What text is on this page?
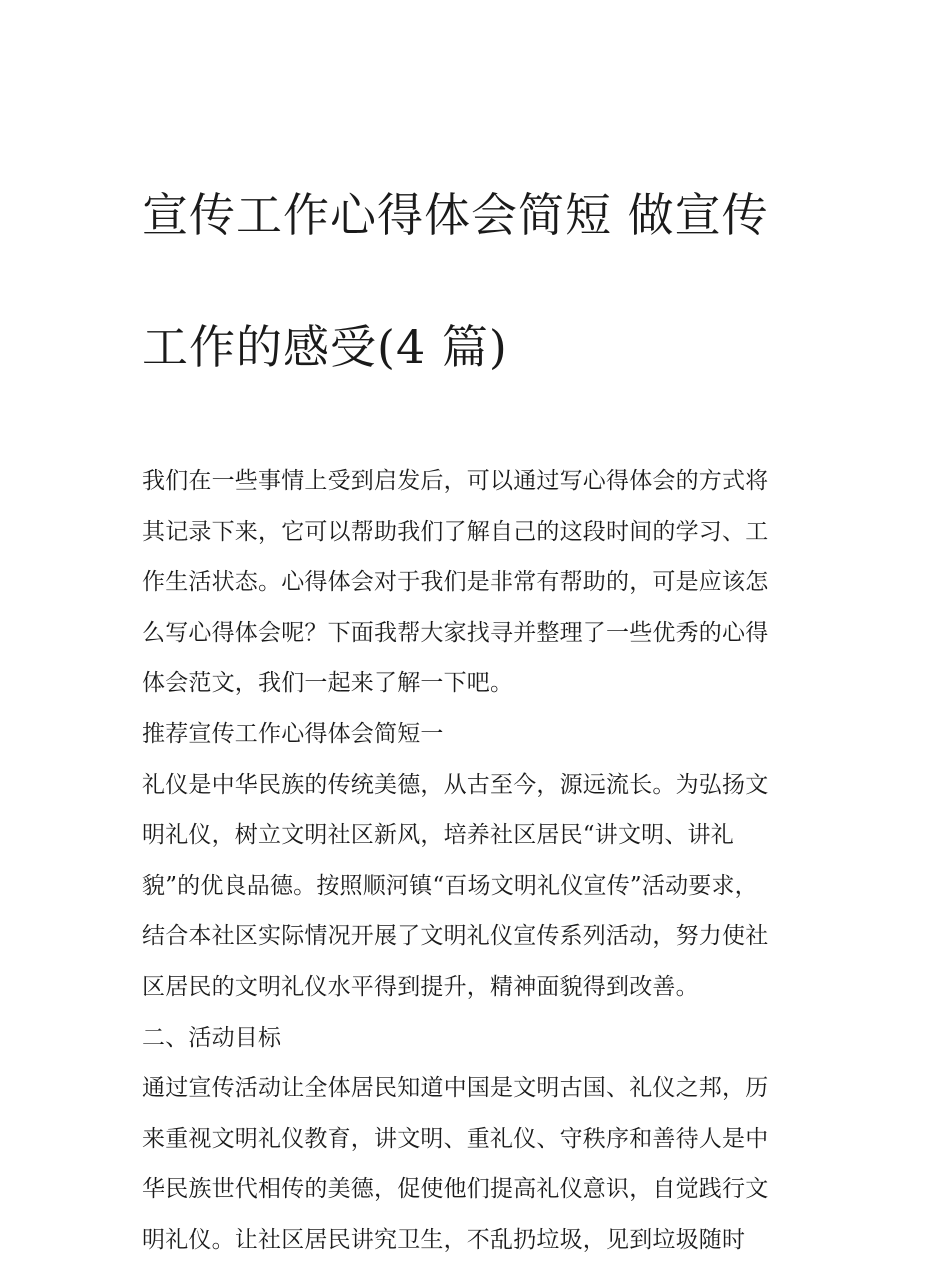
宣传工作心得体会简短 做宣传

工作的感受(4 篇)

我们在一些事情上受到启发后，可以通过写心得体会的方式将
其记录下来，它可以帮助我们了解自己的这段时间的学习、工
作生活状态。心得体会对于我们是非常有帮助的，可是应该怎
么写心得体会呢？下面我帮大家找寻并整理了一些优秀的心得
体会范文，我们一起来了解一下吧。
推荐宣传工作心得体会简短一
礼仪是中华民族的传统美德，从古至今，源远流长。为弘扬文
明礼仪，树立文明社区新风，培养社区居民“讲文明、讲礼
貌”的优良品德。按照顺河镇“百场文明礼仪宣传”活动要求，
结合本社区实际情况开展了文明礼仪宣传系列活动，努力使社
区居民的文明礼仪水平得到提升，精神面貌得到改善。
二、活动目标
通过宣传活动让全体居民知道中国是文明古国、礼仪之邦，历
来重视文明礼仪教育，讲文明、重礼仪、守秩序和善待人是中
华民族世代相传的美德，促使他们提高礼仪意识，自觉践行文
明礼仪。让社区居民讲究卫生，不乱扔垃圾，见到垃圾随时
